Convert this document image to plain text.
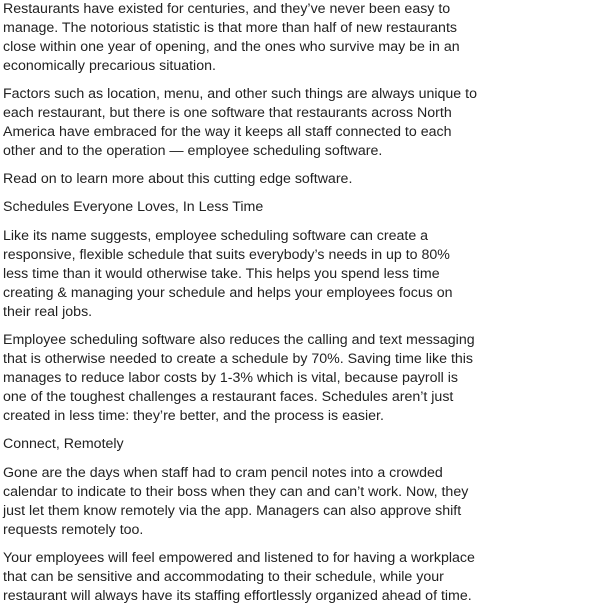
Restaurants have existed for centuries, and they’ve never been easy to

manage. The notorious statistic is that more than half of new restaurants

close within one year of opening, and the ones who survive may be in an

economically precarious situation.

Factors such as location, menu, and other such things are always unique to

each restaurant, but there is one software that restaurants across North

America have embraced for the way it keeps all staff connected to each

other and to the operation — employee scheduling software.

Read on to learn more about this cutting edge software.

Schedules Everyone Loves, In Less Time

Like its name suggests, employee scheduling software can create a

responsive, flexible schedule that suits everybody’s needs in up to 80%

less time than it would otherwise take. This helps you spend less time

creating & managing your schedule and helps your employees focus on

their real jobs.

Employee scheduling software also reduces the calling and text messaging

that is otherwise needed to create a schedule by 70%. Saving time like this

manages to reduce labor costs by 1-3% which is vital, because payroll is

one of the toughest challenges a restaurant faces. Schedules aren’t just

created in less time: they’re better, and the process is easier.

Connect, Remotely

Gone are the days when staff had to cram pencil notes into a crowded

calendar to indicate to their boss when they can and can’t work. Now, they

just let them know remotely via the app. Managers can also approve shift

requests remotely too.

Your employees will feel empowered and listened to for having a workplace

that can be sensitive and accommodating to their schedule, while your

restaurant will always have its staffing effortlessly organized ahead of time.
